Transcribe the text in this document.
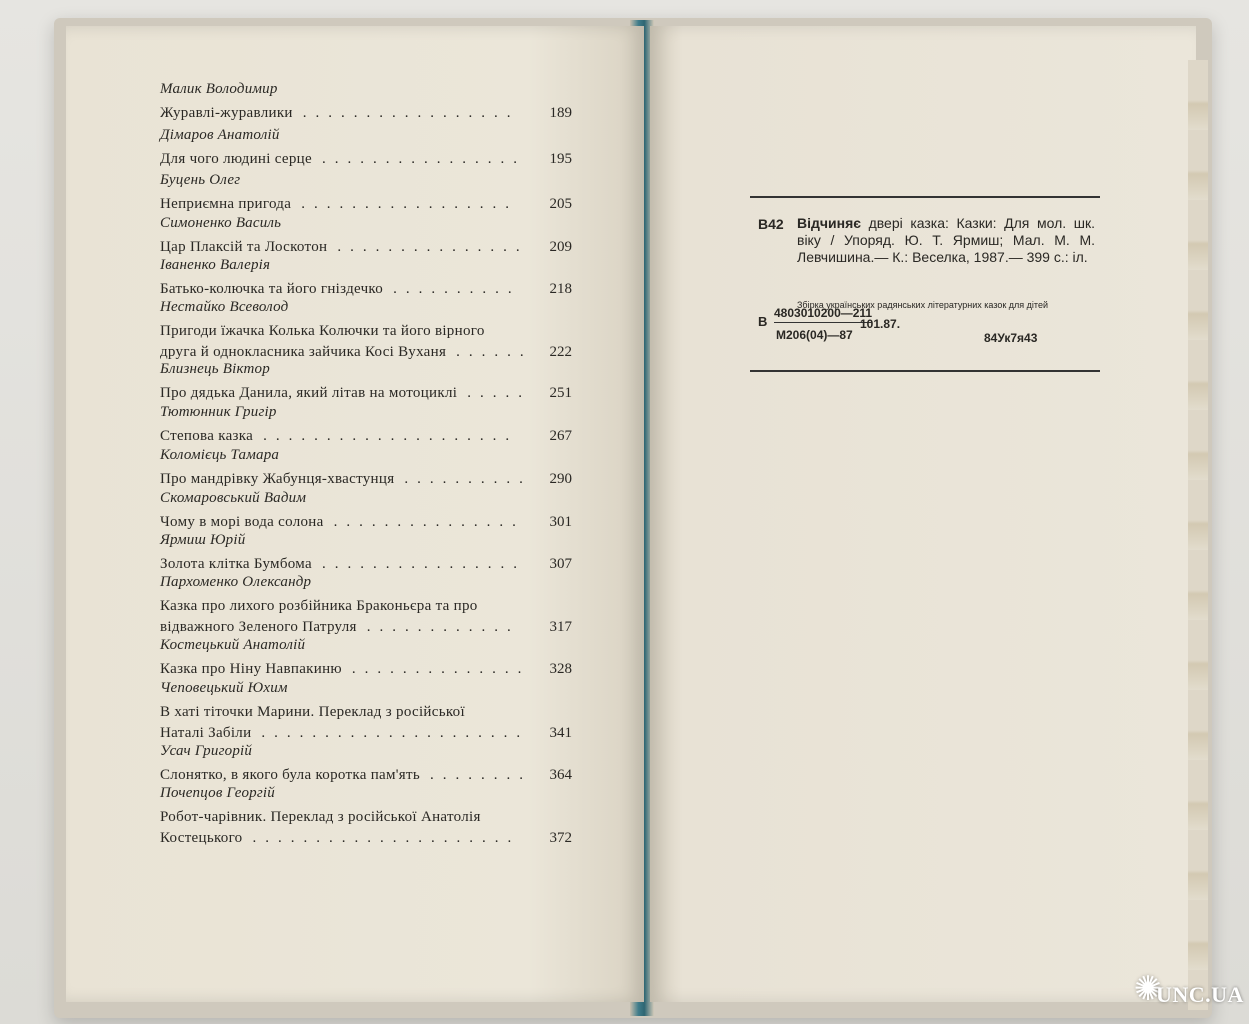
Малик Володимир
Журавлі-журавлики	189
.................
Дімаров Анатолій
Для чого людині серце	195
................
Буцень Олег
Неприємна пригода	205
.................
Симоненко Василь
Цар Плаксій та Лоскотон	209
...............
Іваненко Валерія
Батько-колючка та його гніздечко	218
..........
Нестайко Всеволод
Пригоди їжачка Колька Колючки та його вірного
друга й однокласника зайчика Косі Вуханя	222
......
Близнець Віктор
Про дядька Данила, який літав на мотоциклі	251
.....
Тютюнник Григір
Степова казка	267
....................
Коломієць Тамара
Про мандрівку Жабунця-хвастунця	290
..........
Скомаровський Вадим
Чому в морі вода солона	301
...............
Ярмиш Юрій
Золота клітка Бумбома	307
................
Пархоменко Олександр
Казка про лихого розбійника Браконьєра та про
відважного Зеленого Патруля	317
............
Костецький Анатолій
Казка про Ніну Навпакиню	328
..............
Чеповецький Юхим
В хаті тіточки Марини. Переклад з російської
Наталі Забіли	341
.....................
Усач Григорій
Слонятко, в якого була коротка пам'ять	364
........
Почепцов Георгій
Робот-чарівник. Переклад з російської Анатолія
Костецького	372
.....................
В42 Відчиняє двері казка: Казки: Для мол. шк. віку / Упоряд. Ю. Т. Ярмиш; Мал. М. М. Левчишина.— К.: Веселка, 1987.— 399 с.: іл.
Збірка українських радянських літературних казок для дітей
В
4803010200—211
М206(04)—87
101.87.
84Ук7я43
✺
UNC.UA
